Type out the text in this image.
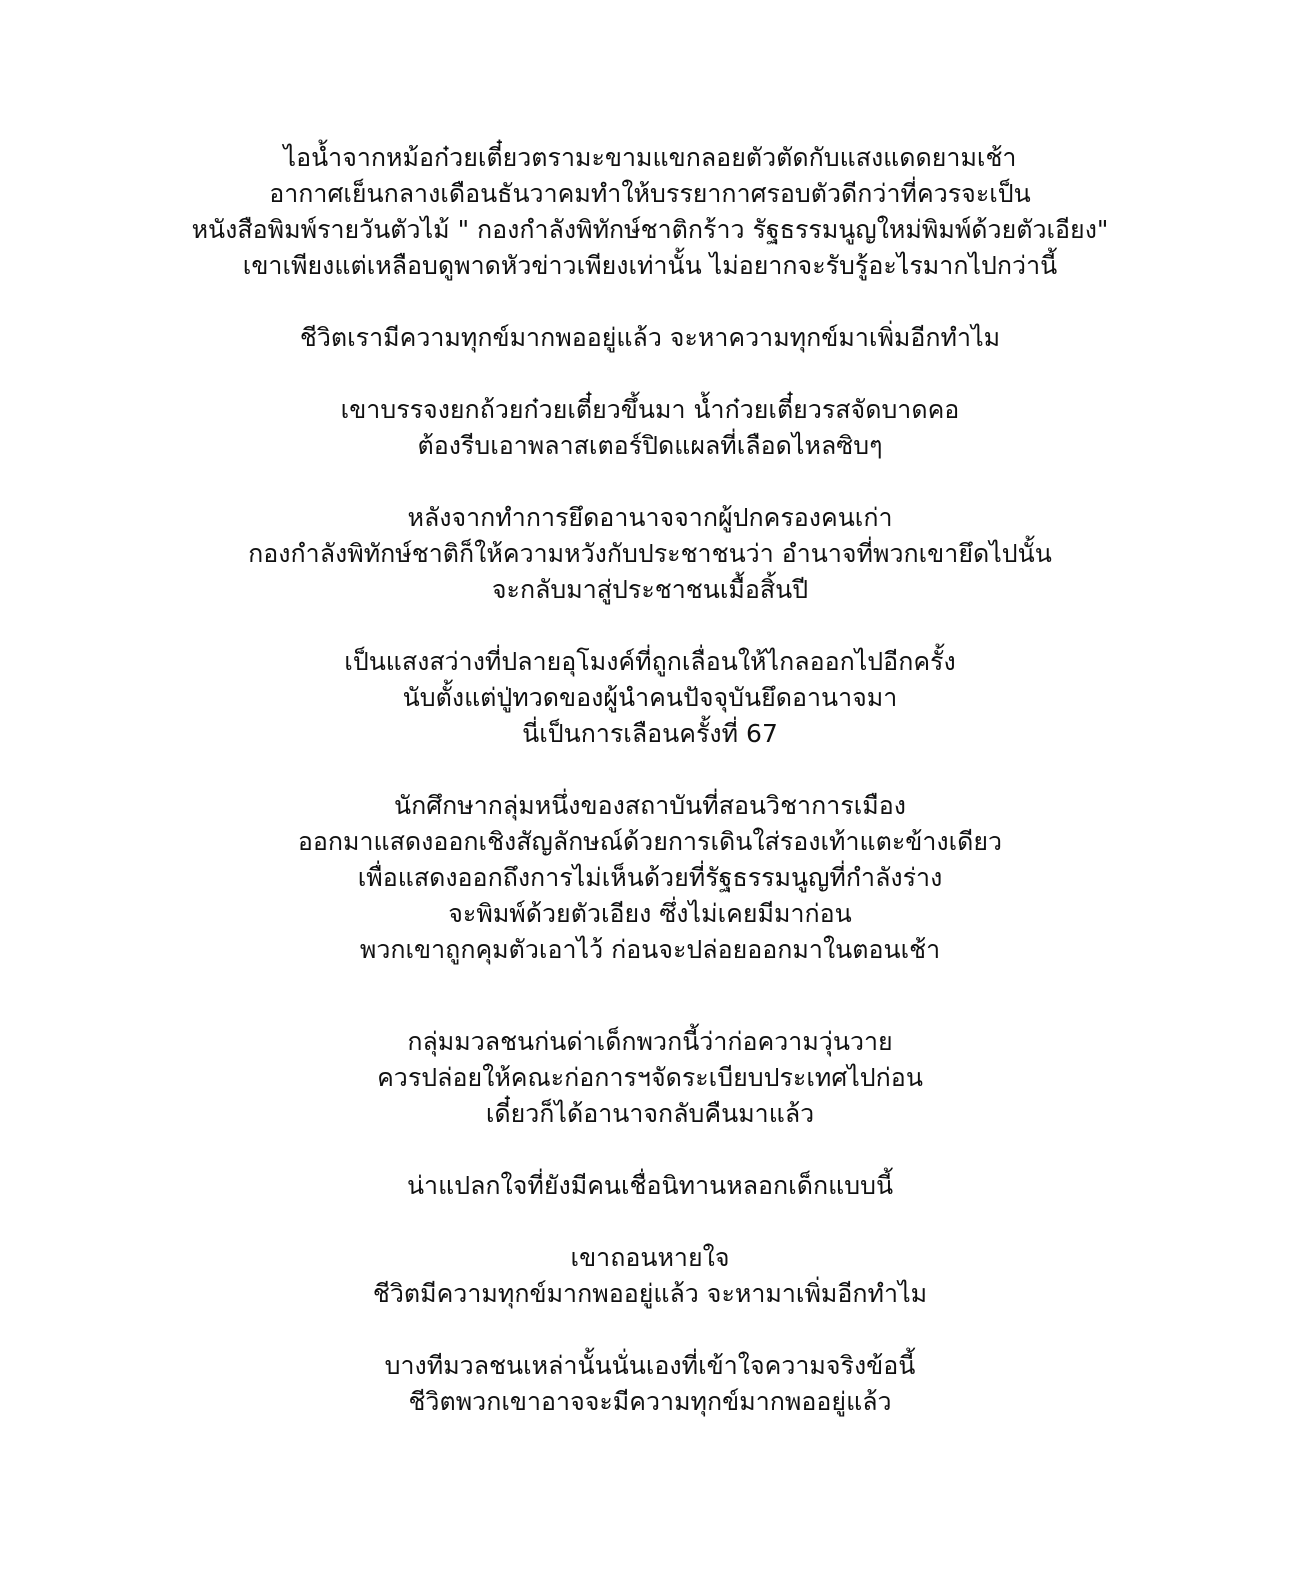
ไอน้ำจากหม้อก๋วยเตี๋ยวตรามะขามแขกลอยตัวตัดกับแสงแดดยามเช้า
อากาศเย็นกลางเดือนธันวาคมทำให้บรรยากาศรอบตัวดีกว่าที่ควรจะเป็น
หนังสือพิมพ์รายวันตัวไม้ " กองกำลังพิทักษ์ชาติกร้าว รัฐธรรมนูญใหม่พิมพ์ด้วยตัวเอียง"
เขาเพียงแต่เหลือบดูพาดหัวข่าวเพียงเท่านั้น ไม่อยากจะรับรู้อะไรมากไปกว่านี้
ชีวิตเรามีความทุกข์มากพออยู่แล้ว จะหาความทุกข์มาเพิ่มอีกทำไม
เขาบรรจงยกถ้วยก๋วยเตี๋ยวขึ้นมา น้ำก๋วยเตี๋ยวรสจัดบาดคอ
ต้องรีบเอาพลาสเตอร์ปิดแผลที่เลือดไหลซิบๆ
หลังจากทำการยึดอานาจจากผู้ปกครองคนเก่า
กองกำลังพิทักษ์ชาติก็ให้ความหวังกับประชาชนว่า อำนาจที่พวกเขายึดไปนั้น
จะกลับมาสู่ประชาชนเมื้อสิ้นปี
เป็นแสงสว่างที่ปลายอุโมงค์ที่ถูกเลื่อนให้ไกลออกไปอีกครั้ง
นับตั้งแต่ปู่ทวดของผู้นำคนปัจจุบันยึดอานาจมา
นี่เป็นการเลือนครั้งที่ 67
นักศึกษากลุ่มหนึ่งของสถาบันที่สอนวิชาการเมือง
ออกมาแสดงออกเชิงสัญลักษณ์ด้วยการเดินใส่รองเท้าแตะข้างเดียว
เพื่อแสดงออกถึงการไม่เห็นด้วยที่รัฐธรรมนูญที่กำลังร่าง
จะพิมพ์ด้วยตัวเอียง ซึ่งไม่เคยมีมาก่อน
พวกเขาถูกคุมตัวเอาไว้ ก่อนจะปล่อยออกมาในตอนเช้า
กลุ่มมวลชนก่นด่าเด็กพวกนี้ว่าก่อความวุ่นวาย
ควรปล่อยให้คณะก่อการฯจัดระเบียบประเทศไปก่อน
เดี๋ยวก็ได้อานาจกลับคืนมาแล้ว
น่าแปลกใจที่ยังมีคนเชื่อนิทานหลอกเด็กแบบนี้
เขาถอนหายใจ
ชีวิตมีความทุกข์มากพออยู่แล้ว จะหามาเพิ่มอีกทำไม
บางทีมวลชนเหล่านั้นนั่นเองที่เข้าใจความจริงข้อนี้
ชีวิตพวกเขาอาจจะมีความทุกข์มากพออยู่แล้ว
